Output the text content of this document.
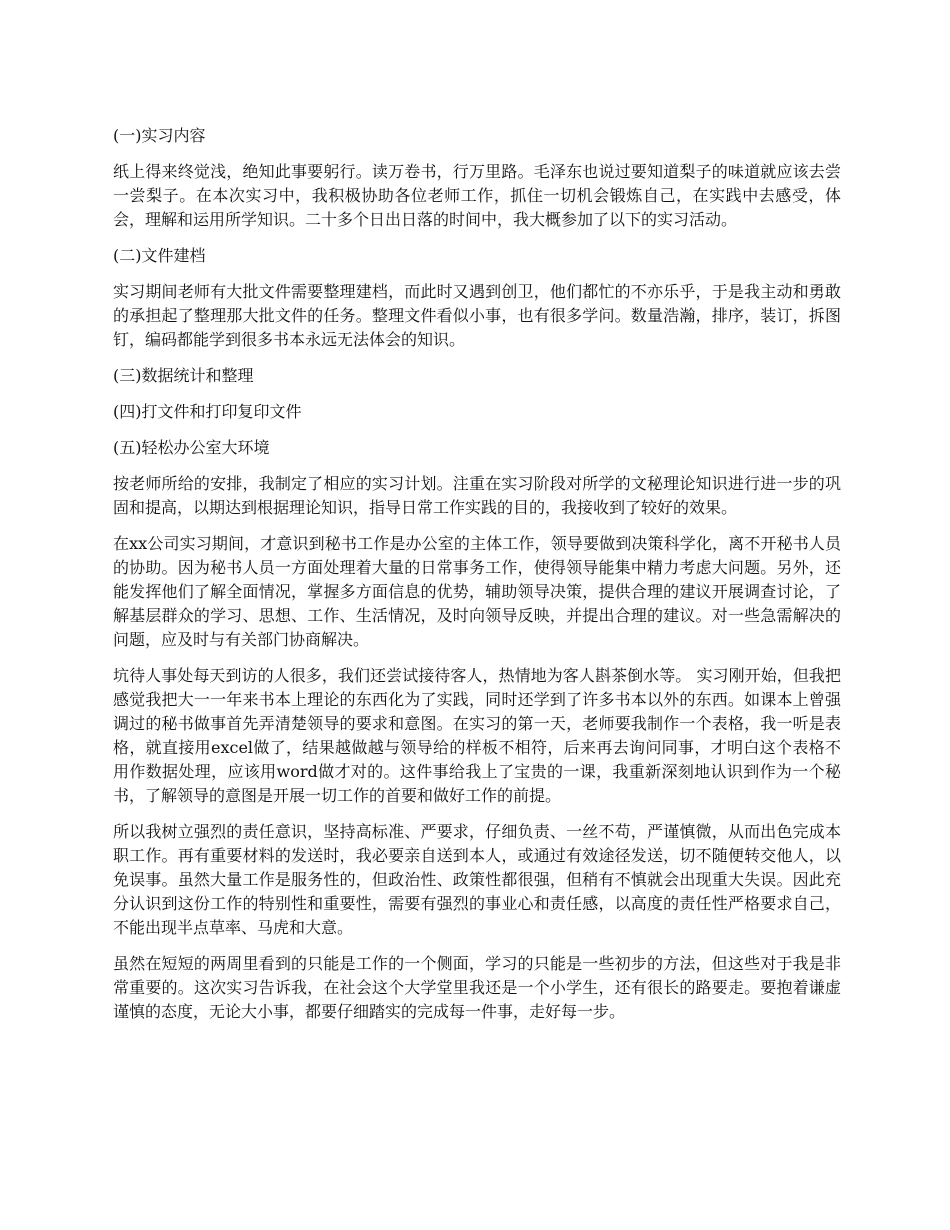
(一)实习内容

纸上得来终觉浅，绝知此事要躬行。读万卷书，行万里路。毛泽东也说过要知道梨子的味道就应该去尝一尝梨子。在本次实习中，我积极协助各位老师工作，抓住一切机会锻炼自己，在实践中去感受，体会，理解和运用所学知识。二十多个日出日落的时间中，我大概参加了以下的实习活动。

(二)文件建档

实习期间老师有大批文件需要整理建档，而此时又遇到创卫，他们都忙的不亦乐乎，于是我主动和勇敢的承担起了整理那大批文件的任务。整理文件看似小事，也有很多学问。数量浩瀚，排序，装订，拆图钉，编码都能学到很多书本永远无法体会的知识。

(三)数据统计和整理

(四)打文件和打印复印文件

(五)轻松办公室大环境

按老师所给的安排，我制定了相应的实习计划。注重在实习阶段对所学的文秘理论知识进行进一步的巩固和提高，以期达到根据理论知识，指导日常工作实践的目的，我接收到了较好的效果。

在xx公司实习期间，才意识到秘书工作是办公室的主体工作，领导要做到决策科学化，离不开秘书人员的协助。因为秘书人员一方面处理着大量的日常事务工作，使得领导能集中精力考虑大问题。另外，还能发挥他们了解全面情况，掌握多方面信息的优势，辅助领导决策，提供合理的建议开展调查讨论，了解基层群众的学习、思想、工作、生活情况，及时向领导反映，并提出合理的建议。对一些急需解决的问题，应及时与有关部门协商解决。

坑待人事处每天到访的人很多，我们还尝试接待客人，热情地为客人斟茶倒水等。 实习刚开始，但我把感觉我把大一一年来书本上理论的东西化为了实践，同时还学到了许多书本以外的东西。如课本上曾强调过的秘书做事首先弄清楚领导的要求和意图。在实习的第一天，老师要我制作一个表格，我一听是表格，就直接用excel做了，结果越做越与领导给的样板不相符，后来再去询问同事，才明白这个表格不用作数据处理，应该用word做才对的。这件事给我上了宝贵的一课，我重新深刻地认识到作为一个秘书，了解领导的意图是开展一切工作的首要和做好工作的前提。

所以我树立强烈的责任意识，坚持高标准、严要求，仔细负责、一丝不苟，严谨慎微，从而出色完成本职工作。再有重要材料的发送时，我必要亲自送到本人，或通过有效途径发送，切不随便转交他人，以免误事。虽然大量工作是服务性的，但政治性、政策性都很强，但稍有不慎就会出现重大失误。因此充分认识到这份工作的特别性和重要性，需要有强烈的事业心和责任感，以高度的责任性严格要求自己，不能出现半点草率、马虎和大意。

虽然在短短的两周里看到的只能是工作的一个侧面，学习的只能是一些初步的方法，但这些对于我是非常重要的。这次实习告诉我，在社会这个大学堂里我还是一个小学生，还有很长的路要走。要抱着谦虚谨慎的态度，无论大小事，都要仔细踏实的完成每一件事，走好每一步。
